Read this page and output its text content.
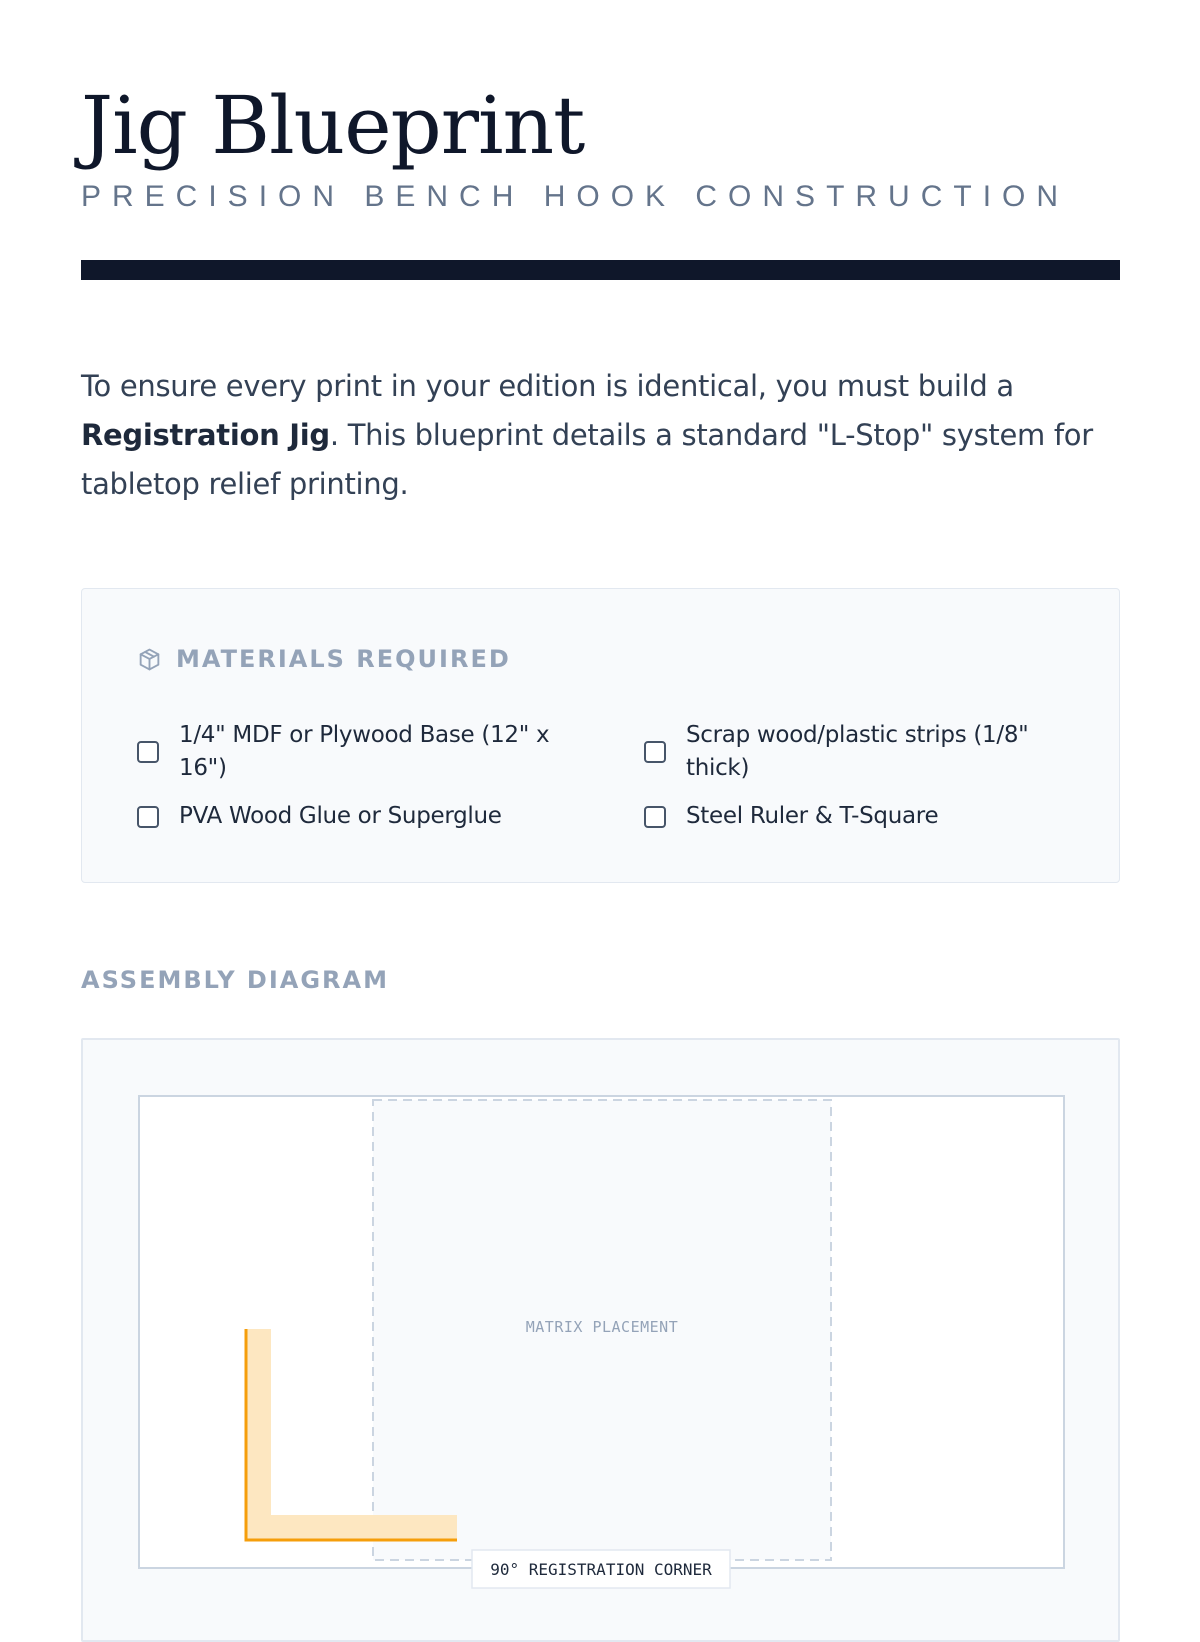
Jig Blueprint
PRECISION BENCH HOOK CONSTRUCTION

To ensure every print in your edition is identical, you must build a Registration Jig. This blueprint details a standard "L-Stop" system for tabletop relief printing.

MATERIALS REQUIRED
1/4" MDF or Plywood Base (12" x 16")
Scrap wood/plastic strips (1/8" thick)
PVA Wood Glue or Superglue	Steel Ruler & T-Square
ASSEMBLY DIAGRAM
MATRIX PLACEMENT
90° REGISTRATION CORNER
